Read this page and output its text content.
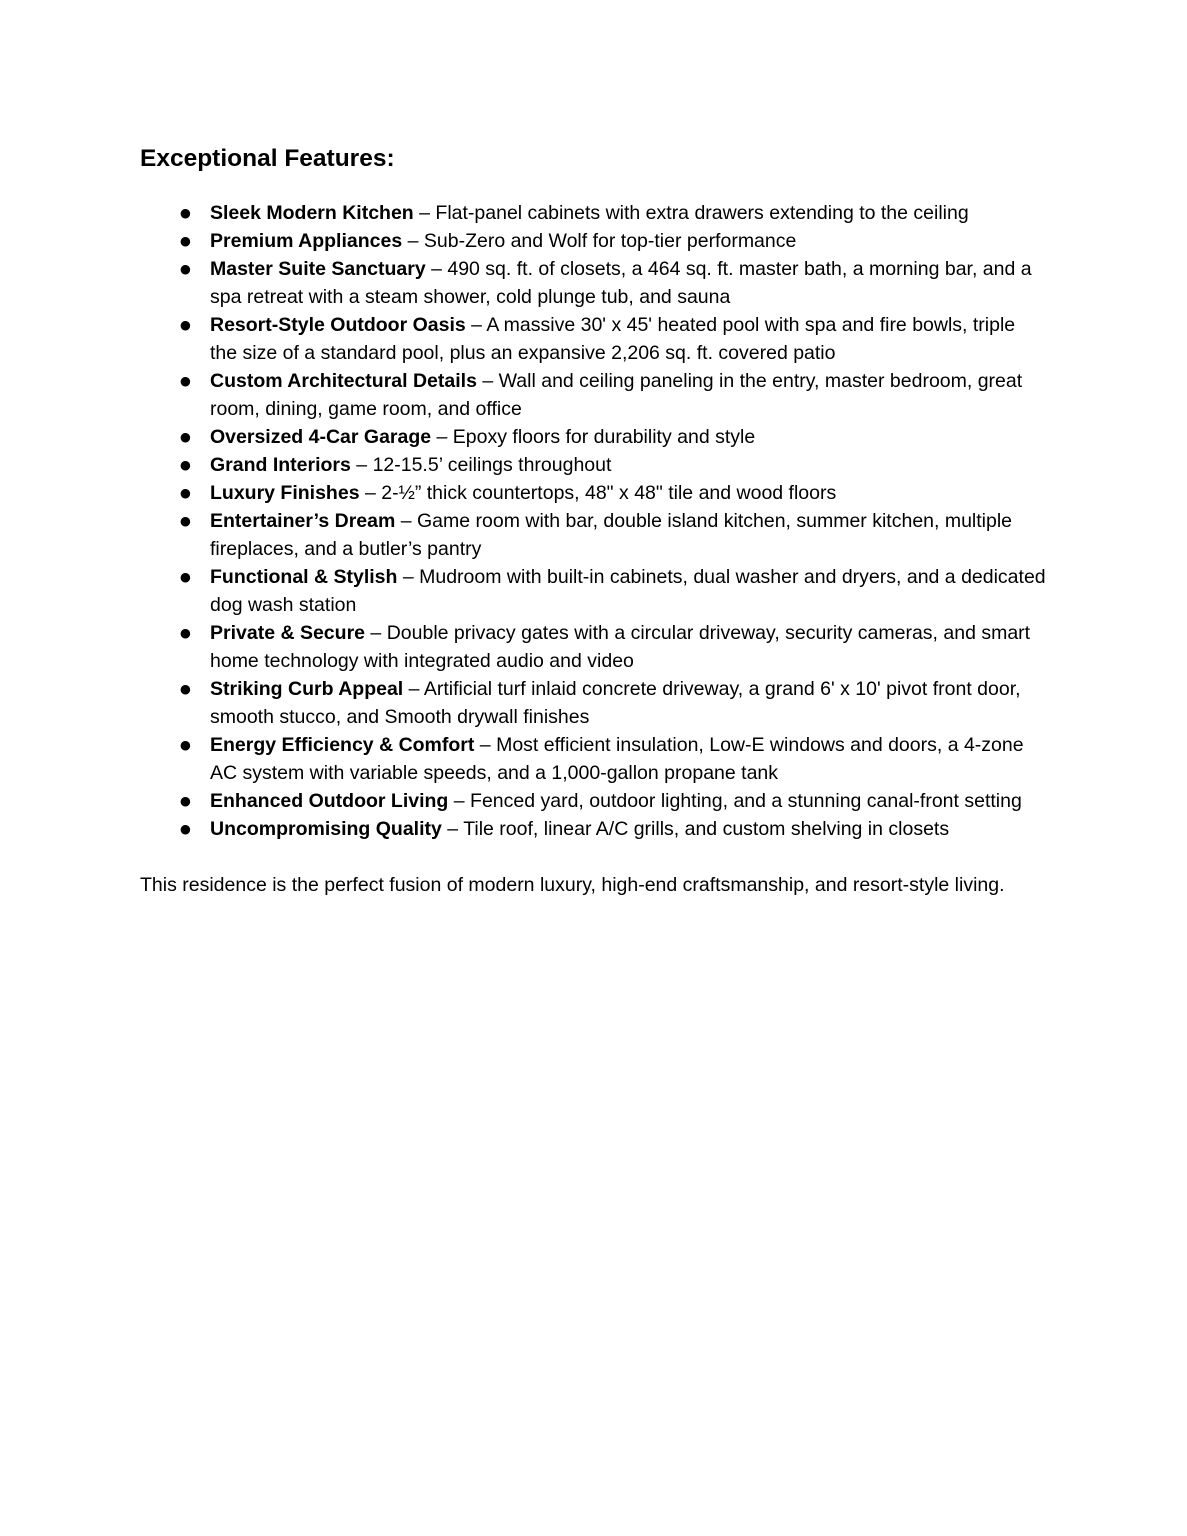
Exceptional Features:
● Sleek Modern Kitchen – Flat-panel cabinets with extra drawers extending to the ceiling
● Premium Appliances – Sub-Zero and Wolf for top-tier performance
● Master Suite Sanctuary – 490 sq. ft. of closets, a 464 sq. ft. master bath, a morning bar, and a spa retreat with a steam shower, cold plunge tub, and sauna
● Resort-Style Outdoor Oasis – A massive 30' x 45' heated pool with spa and fire bowls, triple the size of a standard pool, plus an expansive 2,206 sq. ft. covered patio
● Custom Architectural Details – Wall and ceiling paneling in the entry, master bedroom, great room, dining, game room, and office
● Oversized 4-Car Garage – Epoxy floors for durability and style
● Grand Interiors – 12-15.5’ ceilings throughout
● Luxury Finishes – 2-½” thick countertops, 48" x 48" tile and wood floors
● Entertainer’s Dream – Game room with bar, double island kitchen, summer kitchen, multiple fireplaces, and a butler’s pantry
● Functional & Stylish – Mudroom with built-in cabinets, dual washer and dryers, and a dedicated dog wash station
● Private & Secure – Double privacy gates with a circular driveway, security cameras, and smart home technology with integrated audio and video
● Striking Curb Appeal – Artificial turf inlaid concrete driveway, a grand 6' x 10' pivot front door, smooth stucco, and Smooth drywall finishes
● Energy Efficiency & Comfort – Most efficient insulation, Low-E windows and doors, a 4-zone AC system with variable speeds, and a 1,000-gallon propane tank
● Enhanced Outdoor Living – Fenced yard, outdoor lighting, and a stunning canal-front setting
● Uncompromising Quality – Tile roof, linear A/C grills, and custom shelving in closets

This residence is the perfect fusion of modern luxury, high-end craftsmanship, and resort-style living.
